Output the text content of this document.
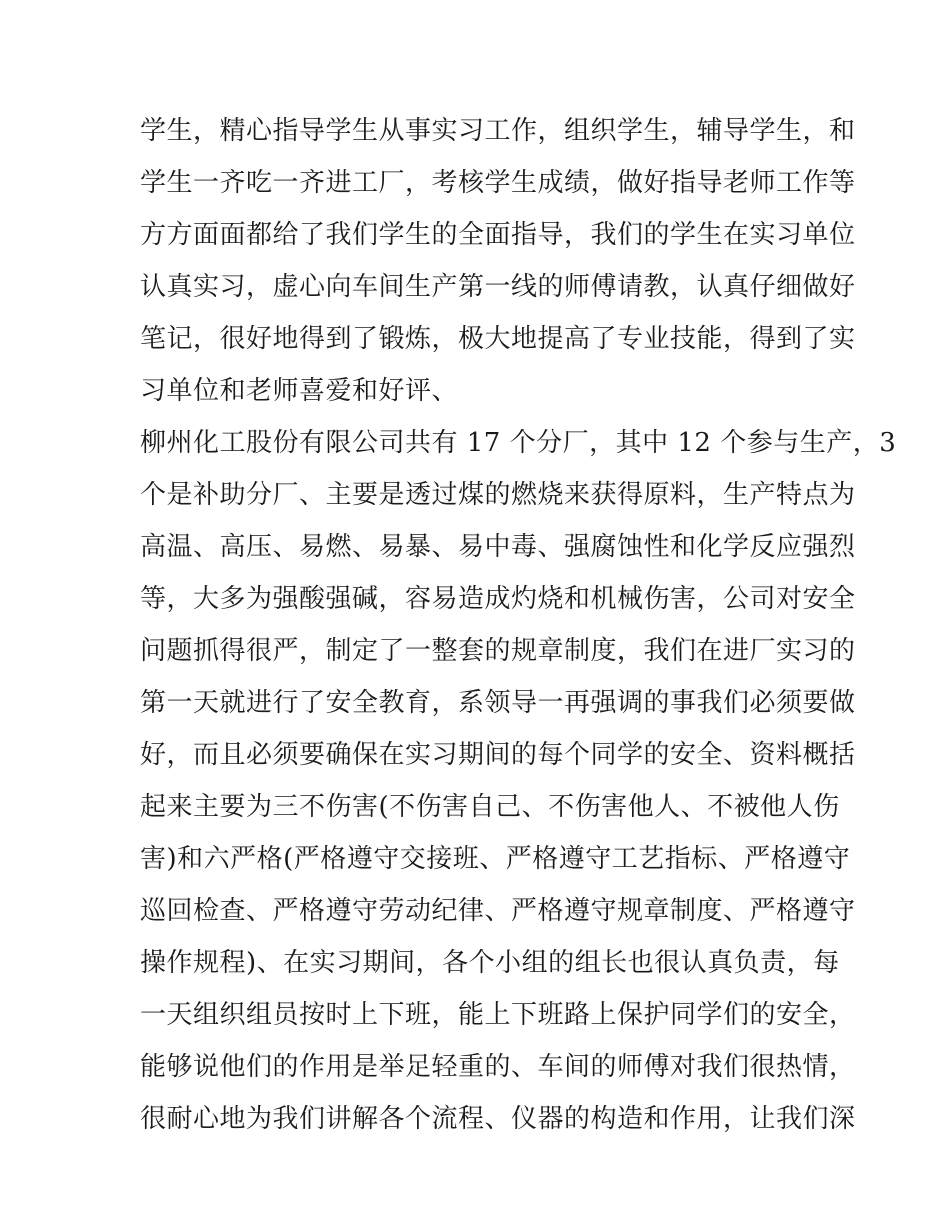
学生，精心指导学生从事实习工作，组织学生，辅导学生，和
学生一齐吃一齐进工厂，考核学生成绩，做好指导老师工作等
方方面面都给了我们学生的全面指导，我们的学生在实习单位
认真实习，虚心向车间生产第一线的师傅请教，认真仔细做好
笔记，很好地得到了锻炼，极大地提高了专业技能，得到了实
习单位和老师喜爱和好评、
柳州化工股份有限公司共有 17 个分厂，其中 12 个参与生产，3
个是补助分厂、主要是透过煤的燃烧来获得原料，生产特点为
高温、高压、易燃、易暴、易中毒、强腐蚀性和化学反应强烈
等，大多为强酸强碱，容易造成灼烧和机械伤害，公司对安全
问题抓得很严，制定了一整套的规章制度，我们在进厂实习的
第一天就进行了安全教育，系领导一再强调的事我们必须要做
好，而且必须要确保在实习期间的每个同学的安全、资料概括
起来主要为三不伤害(不伤害自己、不伤害他人、不被他人伤
害)和六严格(严格遵守交接班、严格遵守工艺指标、严格遵守
巡回检查、严格遵守劳动纪律、严格遵守规章制度、严格遵守
操作规程)、在实习期间，各个小组的组长也很认真负责，每
一天组织组员按时上下班，能上下班路上保护同学们的安全，
能够说他们的作用是举足轻重的、车间的师傅对我们很热情，
很耐心地为我们讲解各个流程、仪器的构造和作用，让我们深
